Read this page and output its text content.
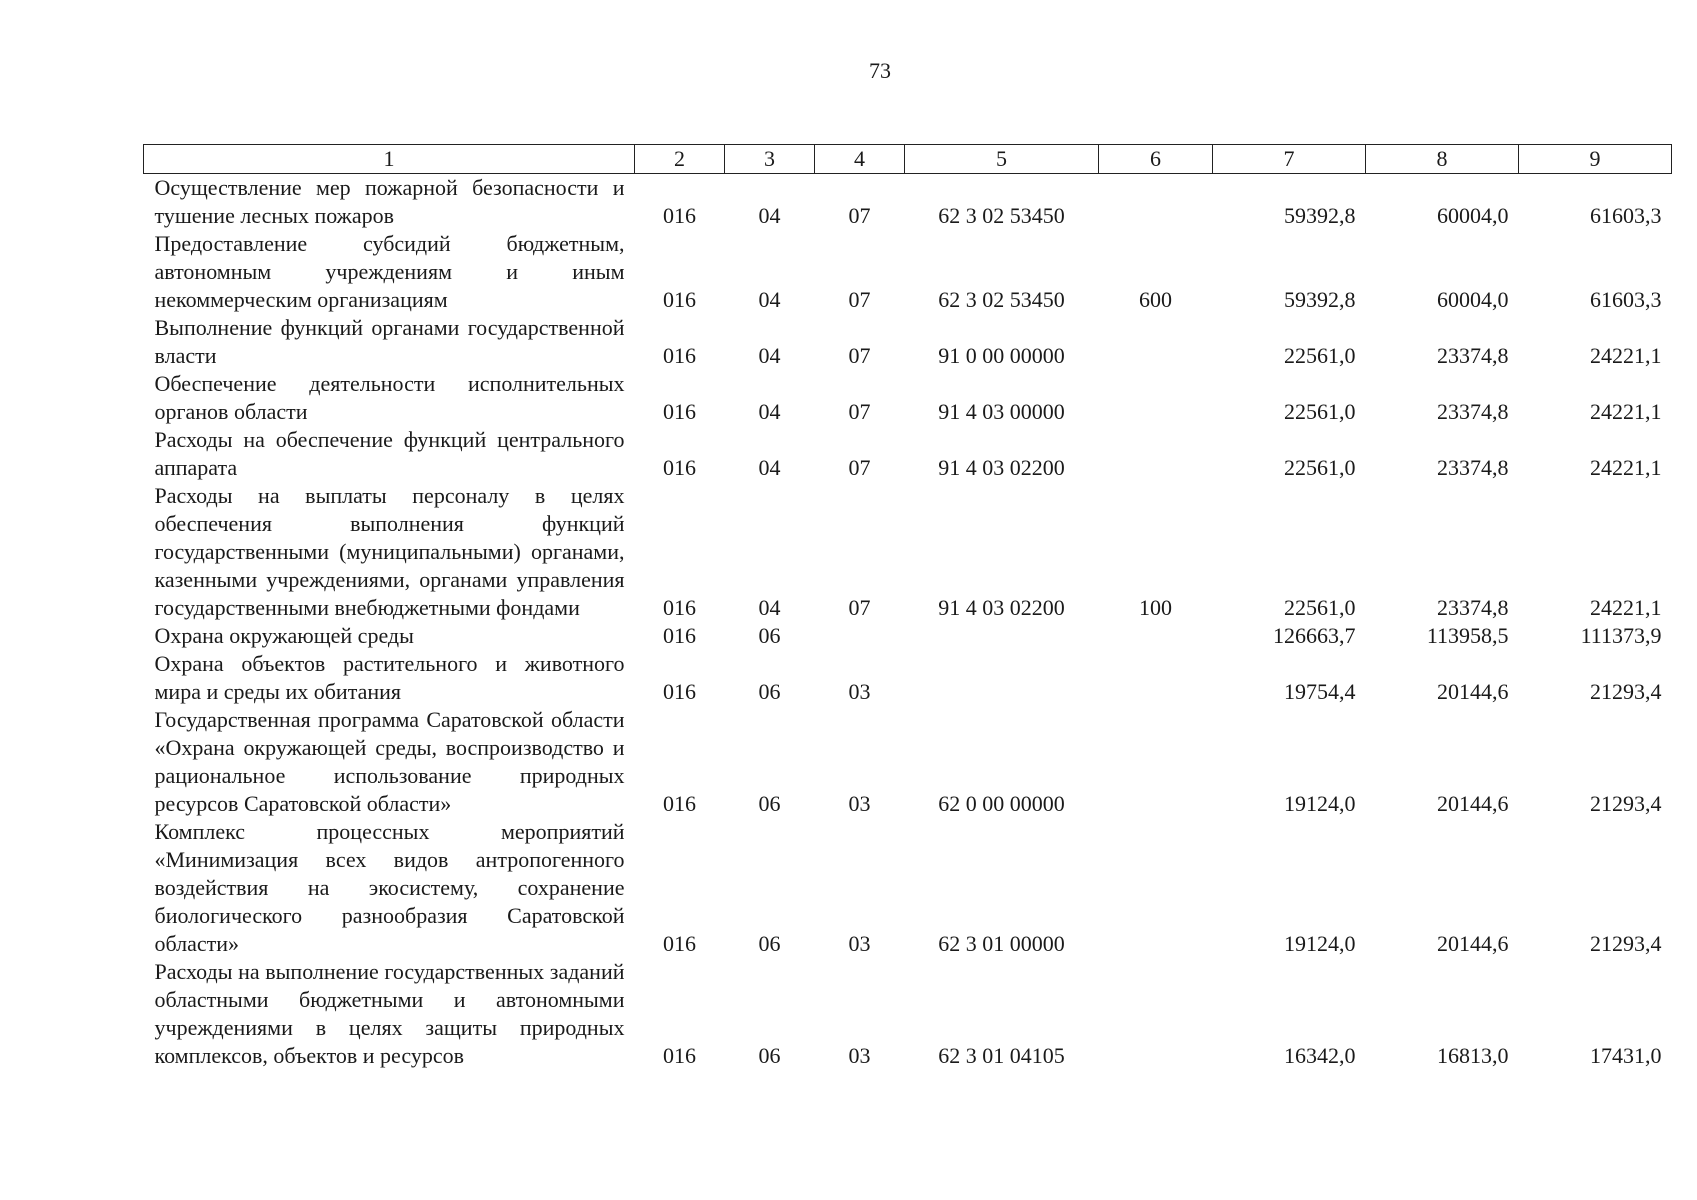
73
1	2	3	4	5	6	7	8	9
Осуществление мер пожарной безопасности и тушение лесных пожаров	016	04	07	62 3 02 53450		59392,8	60004,0	61603,3
Предоставление субсидий бюджетным, автономным учреждениям и иным некоммерческим организациям	016	04	07	62 3 02 53450	600	59392,8	60004,0	61603,3
Выполнение функций органами государственной власти	016	04	07	91 0 00 00000		22561,0	23374,8	24221,1
Обеспечение деятельности исполнительных органов области	016	04	07	91 4 03 00000		22561,0	23374,8	24221,1
Расходы на обеспечение функций центрального аппарата	016	04	07	91 4 03 02200		22561,0	23374,8	24221,1
Расходы на выплаты персоналу в целях обеспечения выполнения функций государственными (муниципальными) органами, казенными учреждениями, органами управления государственными внебюджетными фондами	016	04	07	91 4 03 02200	100	22561,0	23374,8	24221,1
Охрана окружающей среды	016	06				126663,7	113958,5	111373,9
Охрана объектов растительного и животного мира и среды их обитания	016	06	03			19754,4	20144,6	21293,4
Государственная программа Саратовской области «Охрана окружающей среды, воспроизводство и рациональное использование природных ресурсов Саратовской области»	016	06	03	62 0 00 00000		19124,0	20144,6	21293,4
Комплекс процессных мероприятий «Минимизация всех видов антропогенного воздействия на экосистему, сохранение биологического разнообразия Саратовской области»	016	06	03	62 3 01 00000		19124,0	20144,6	21293,4
Расходы на выполнение государственных заданий областными бюджетными и автономными учреждениями в целях защиты природных комплексов, объектов и ресурсов	016	06	03	62 3 01 04105		16342,0	16813,0	17431,0
